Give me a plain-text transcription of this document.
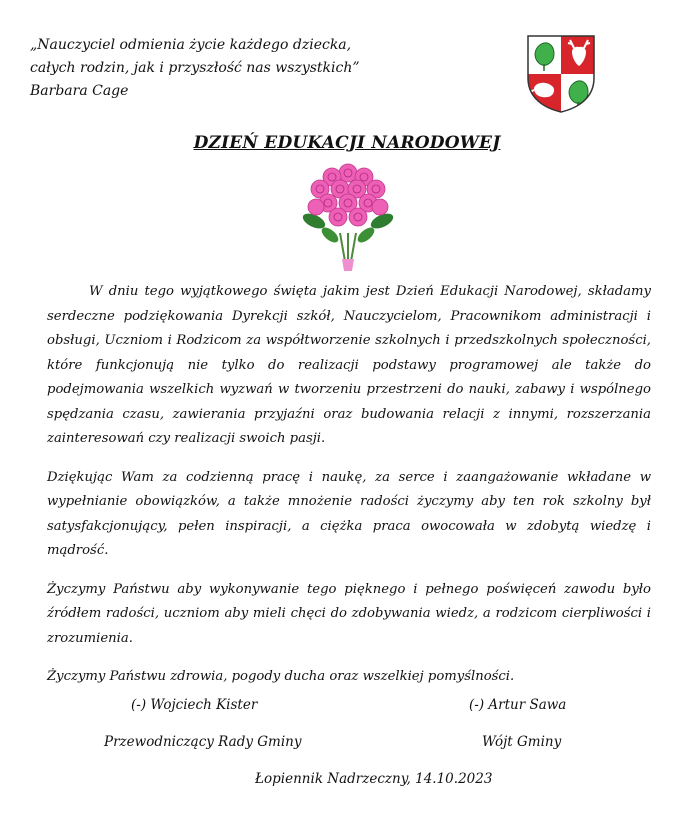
„Nauczyciel odmienia życie każdego dziecka,
całych rodzin, jak i przyszłość nas wszystkich”
Barbara Cage
DZIEŃ EDUKACJI NARODOWEJ

W dniu tego wyjątkowego święta jakim jest Dzień Edukacji Narodowej, składamy serdeczne podziękowania Dyrekcji szkół, Nauczycielom, Pracownikom administracji i obsługi, Uczniom i Rodzicom za współtworzenie szkolnych i przedszkolnych społeczności, które funkcjonują nie tylko do realizacji podstawy programowej ale także do podejmowania wszelkich wyzwań w tworzeniu przestrzeni do nauki, zabawy i wspólnego spędzania czasu, zawierania przyjaźni oraz budowania relacji z innymi, rozszerzania zainteresowań czy realizacji swoich pasji.

Dziękując Wam za codzienną pracę i naukę, za serce i zaangażowanie wkładane w wypełnianie obowiązków, a także mnożenie radości życzymy aby ten rok szkolny był satysfakcjonujący, pełen inspiracji, a ciężka praca owocowała w zdobytą wiedzę i mądrość.

Życzymy Państwu aby wykonywanie tego pięknego i pełnego poświęceń zawodu było źródłem radości, uczniom aby mieli chęci do zdobywania wiedz, a rodzicom cierpliwości i zrozumienia.

Życzymy Państwu zdrowia, pogody ducha oraz wszelkiej pomyślności.

(-) Wojciech Kister	(-) Artur Sawa
Przewodniczący Rady Gminy	Wójt Gminy
Łopiennik Nadrzeczny, 14.10.2023
